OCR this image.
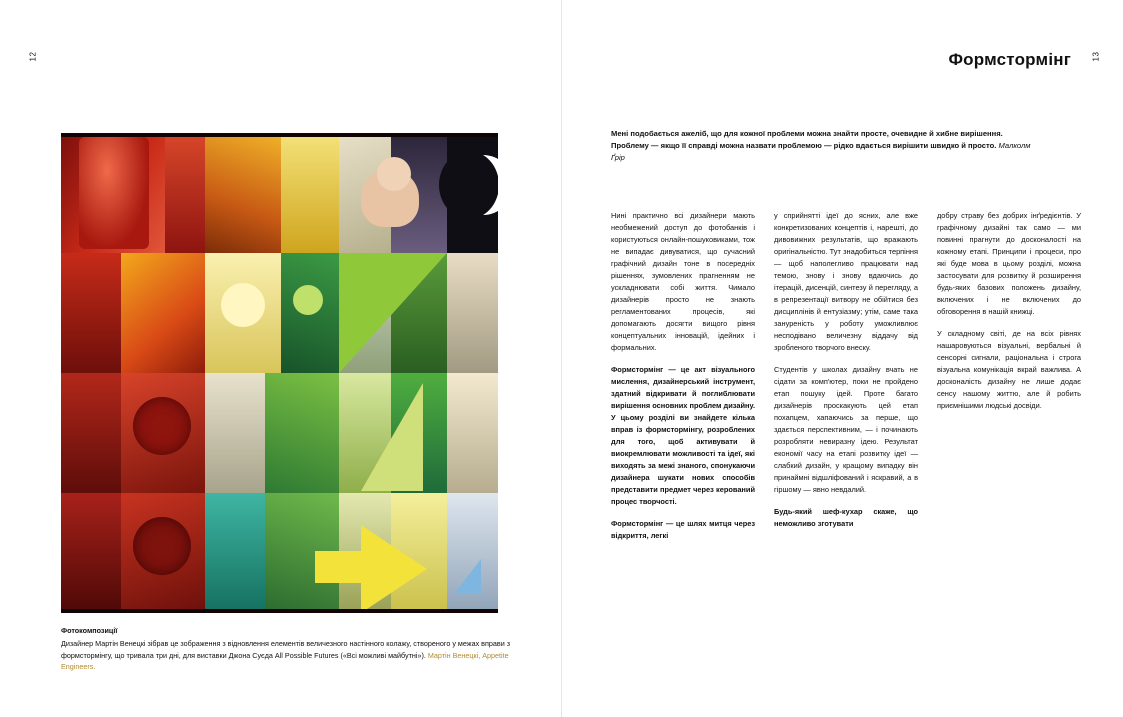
12
Фотокомпозиції
Дизайнер Мартін Венецкі зібрав це зображення з відновлення елементів величезного настінного колажу, створеного у межах вправи з формстормінгу, що тривала три дні, для виставки Джона Суєда All Possible Futures («Всі можливі майбутні»). Мартін Венецкі, Appetite Engineers.
13
Формстормінг
Мені подобається ажеліб, що для кожної проблеми можна знайти просте, очевидне й хибне вирішення. Проблему — якщо її справді можна назвати проблемою — рідко вдається вирішити швидко й просто. Малколм Ґрір

Нині практично всі дизайнери мають необмежений доступ до фотобанків і користуються онлайн-пошуковиками, тож не випадає дивуватися, що сучасний графічний дизайн тоне в посередніх рішеннях, зумовлених прагненням не ускладнювати собі життя. Чимало дизайнерів просто не знають регламентованих процесів, які допомагають досягти вищого рівня концептуальних інновацій, ідейних і формальних.

Формстормінг — це акт візуального мислення, дизайнерський інструмент, здатний відкривати й поглиблювати вирішення основних проблем дизайну. У цьому розділі ви знайдете кілька вправ із формстормінгу, розроблених для того, щоб активувати й виокремлювати можливості та ідеї, які виходять за межі знаного, спонукаючи дизайнера шукати нових способів представити предмет через керований процес творчості.

Формстормінг — це шлях митця через відкриття, легкі

у сприйнятті ідеї до ясних, але вже конкретизованих концептів і, нарешті, до дивовижних результатів, що вражають оригінальністю. Тут знадобиться терпіння — щоб наполегливо працювати над темою, знову і знову вдаючись до ітерацій, дисенцій, синтезу й перегляду, а в репрезентації витвору не обійтися без дисциплінів й ентузіазму; утім, саме така зануреність у роботу уможливлює несподівано величезну віддачу від зробленого творчого внеску.

Студентів у школах дизайну вчать не сідати за комп'ютер, поки не пройдено етап пошуку ідей. Проте багато дизайнерів проскакують цей етап похапцем, хапаючись за перше, що здається перспективним, — і починають розробляти невиразну ідею. Результат економії часу на етапі розвитку ідеї — слабкий дизайн, у кращому випадку він принаймні відшліфований і яскравий, а в гіршому — явно невдалий.

Будь-який шеф-кухар скаже, що неможливо зготувати

добру страву без добрих інґредієнтів. У графічному дизайні так само — ми повинні прагнути до досконалості на кожному етапі. Принципи і процеси, про які буде мова в цьому розділі, можна застосувати для розвитку й розширення будь-яких базових положень дизайну, включених і не включених до обговорення в нашій книжці.

У складному світі, де на всіх рівнях нашаровуються візуальні, вербальні й сенсорні сигнали, раціональна і строга візуальна комунікація вкрай важлива. А досконалість дизайну не лише додає сенсу нашому життю, але й робить приємнішими людські досвіди.
